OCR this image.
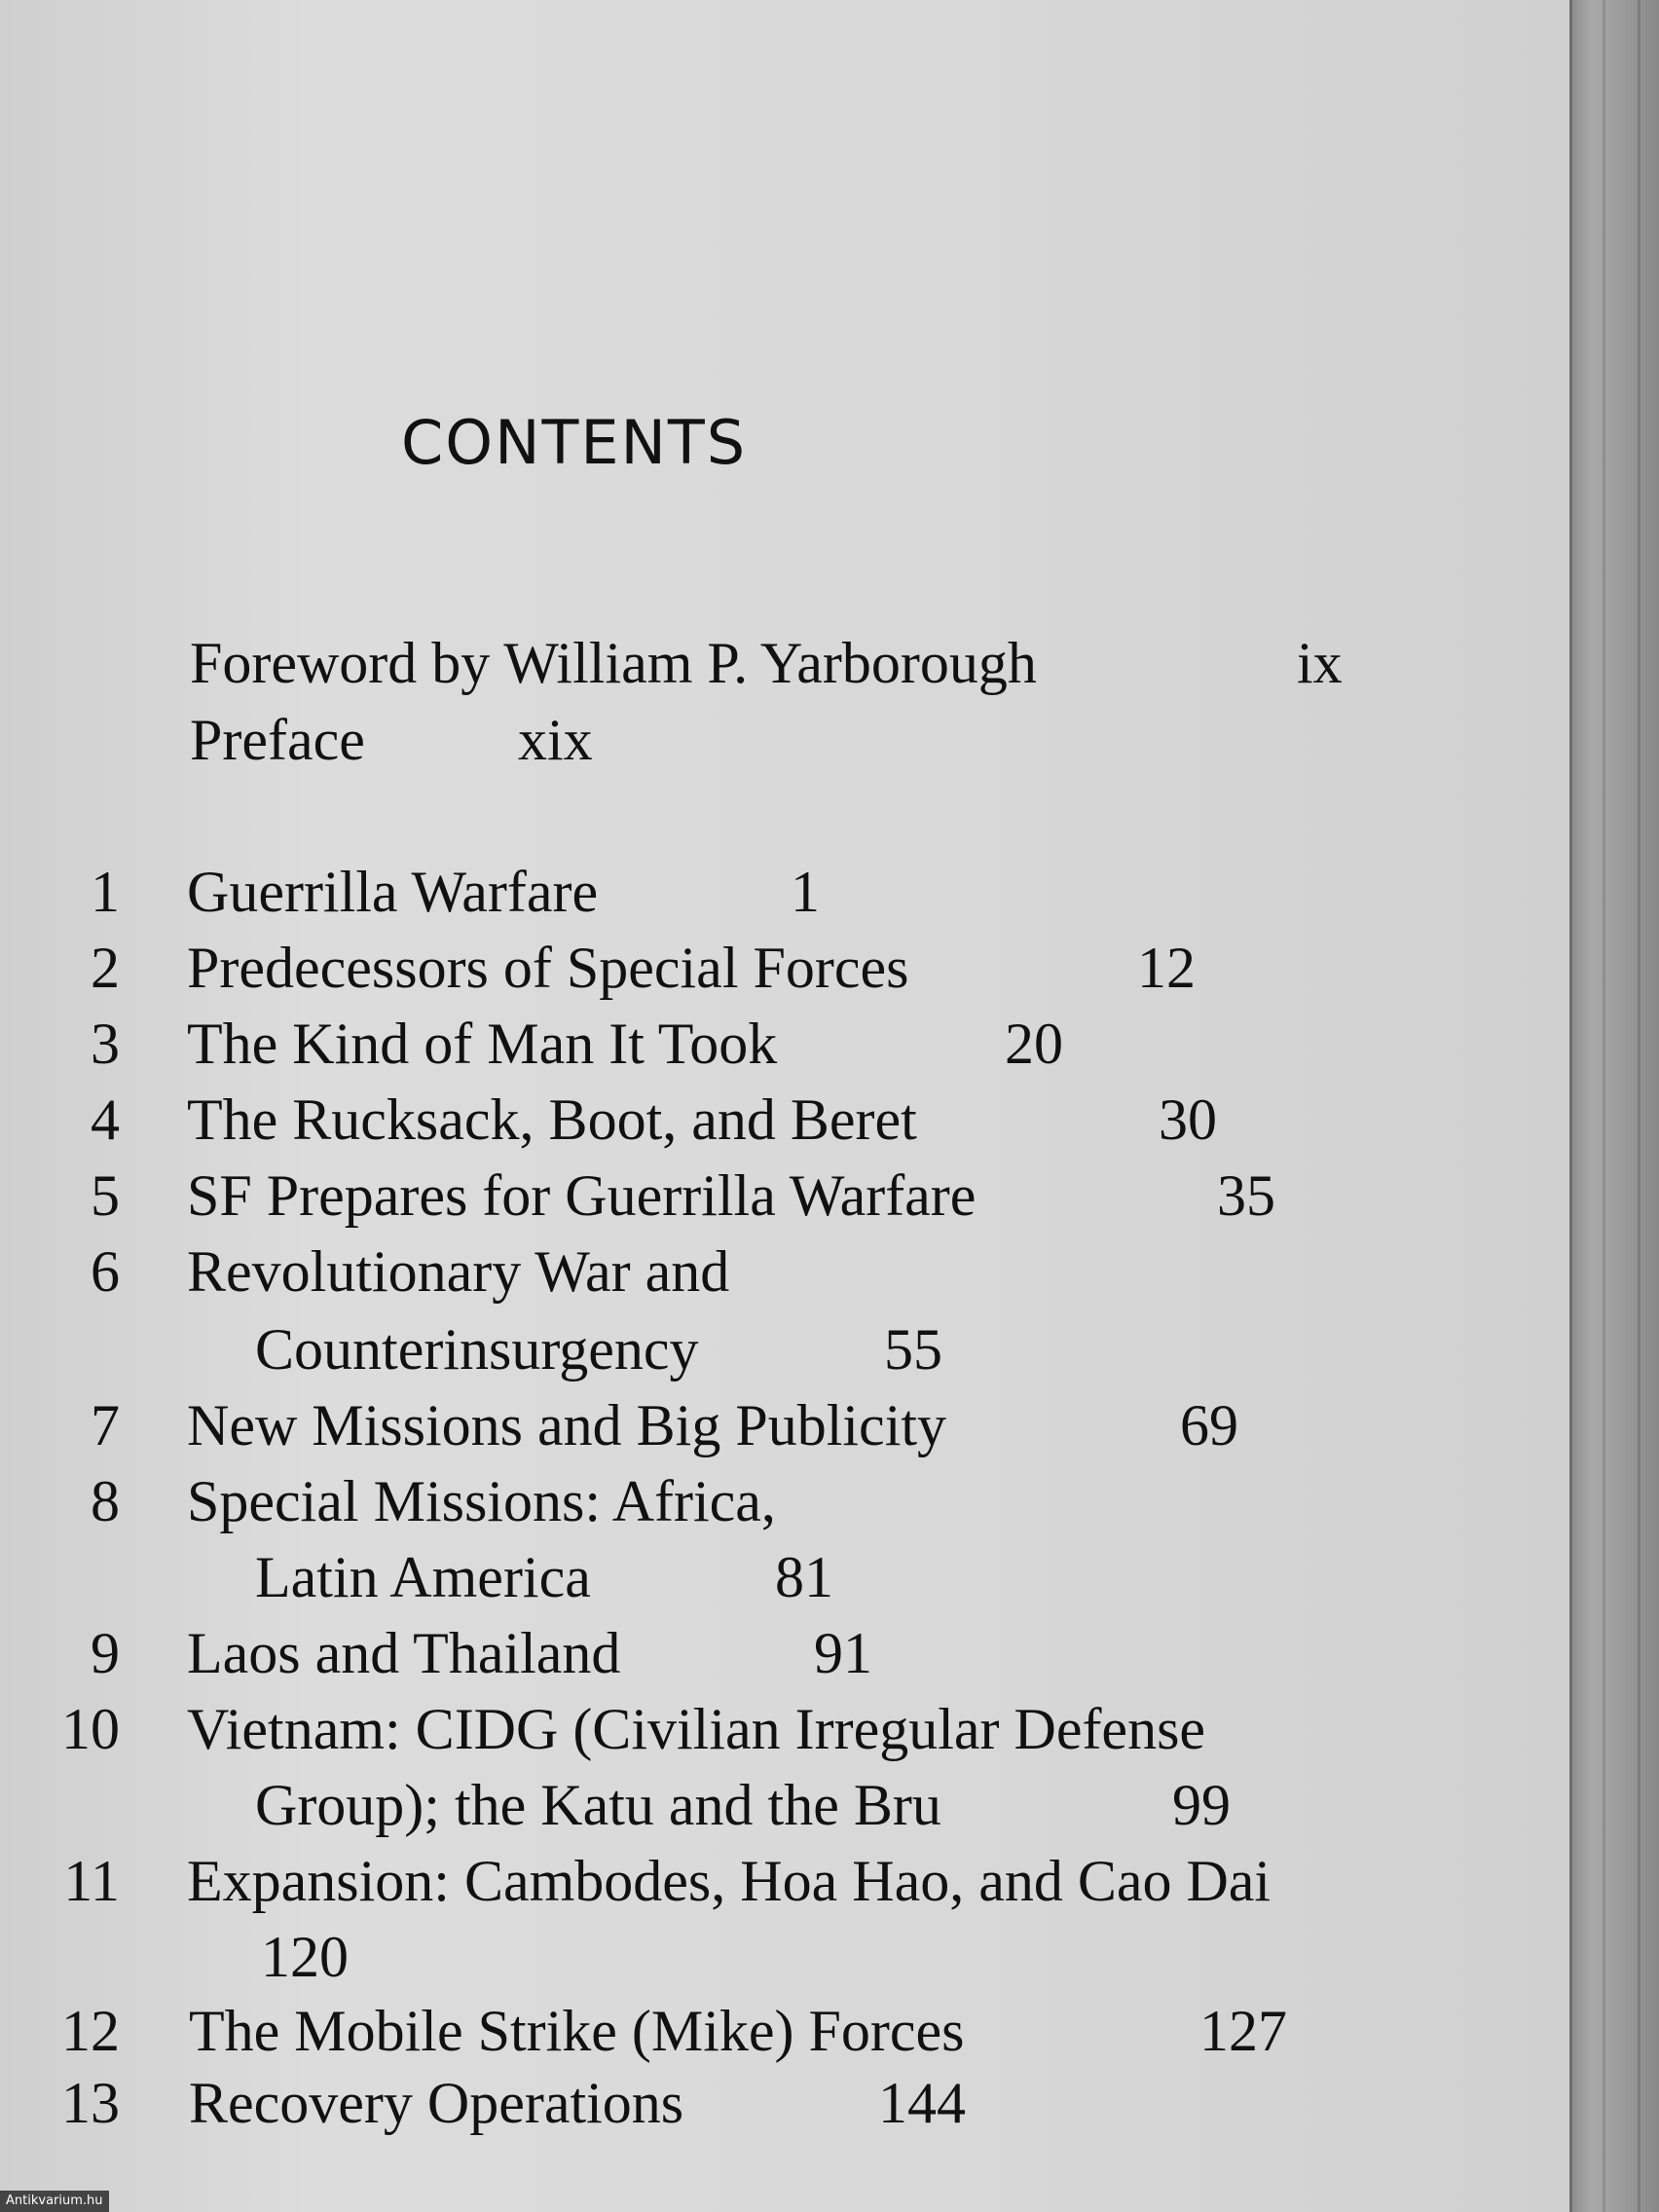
CONTENTS
Foreword by William P. Yarborough	ix
Preface	xix
1 Guerrilla Warfare	1
2 Predecessors of Special Forces	12
3 The Kind of Man It Took	20
4 The Rucksack, Boot, and Beret	30
5 SF Prepares for Guerrilla Warfare	35
6 Revolutionary War and
Counterinsurgency	55
7 New Missions and Big Publicity	69
8 Special Missions: Africa,
Latin America	81
9 Laos and Thailand	91
10 Vietnam: CIDG (Civilian Irregular Defense
Group); the Katu and the Bru	99
11 Expansion: Cambodes, Hoa Hao, and Cao Dai
120
12 The Mobile Strike (Mike) Forces	127
13 Recovery Operations	144
Antikvarium.hu
